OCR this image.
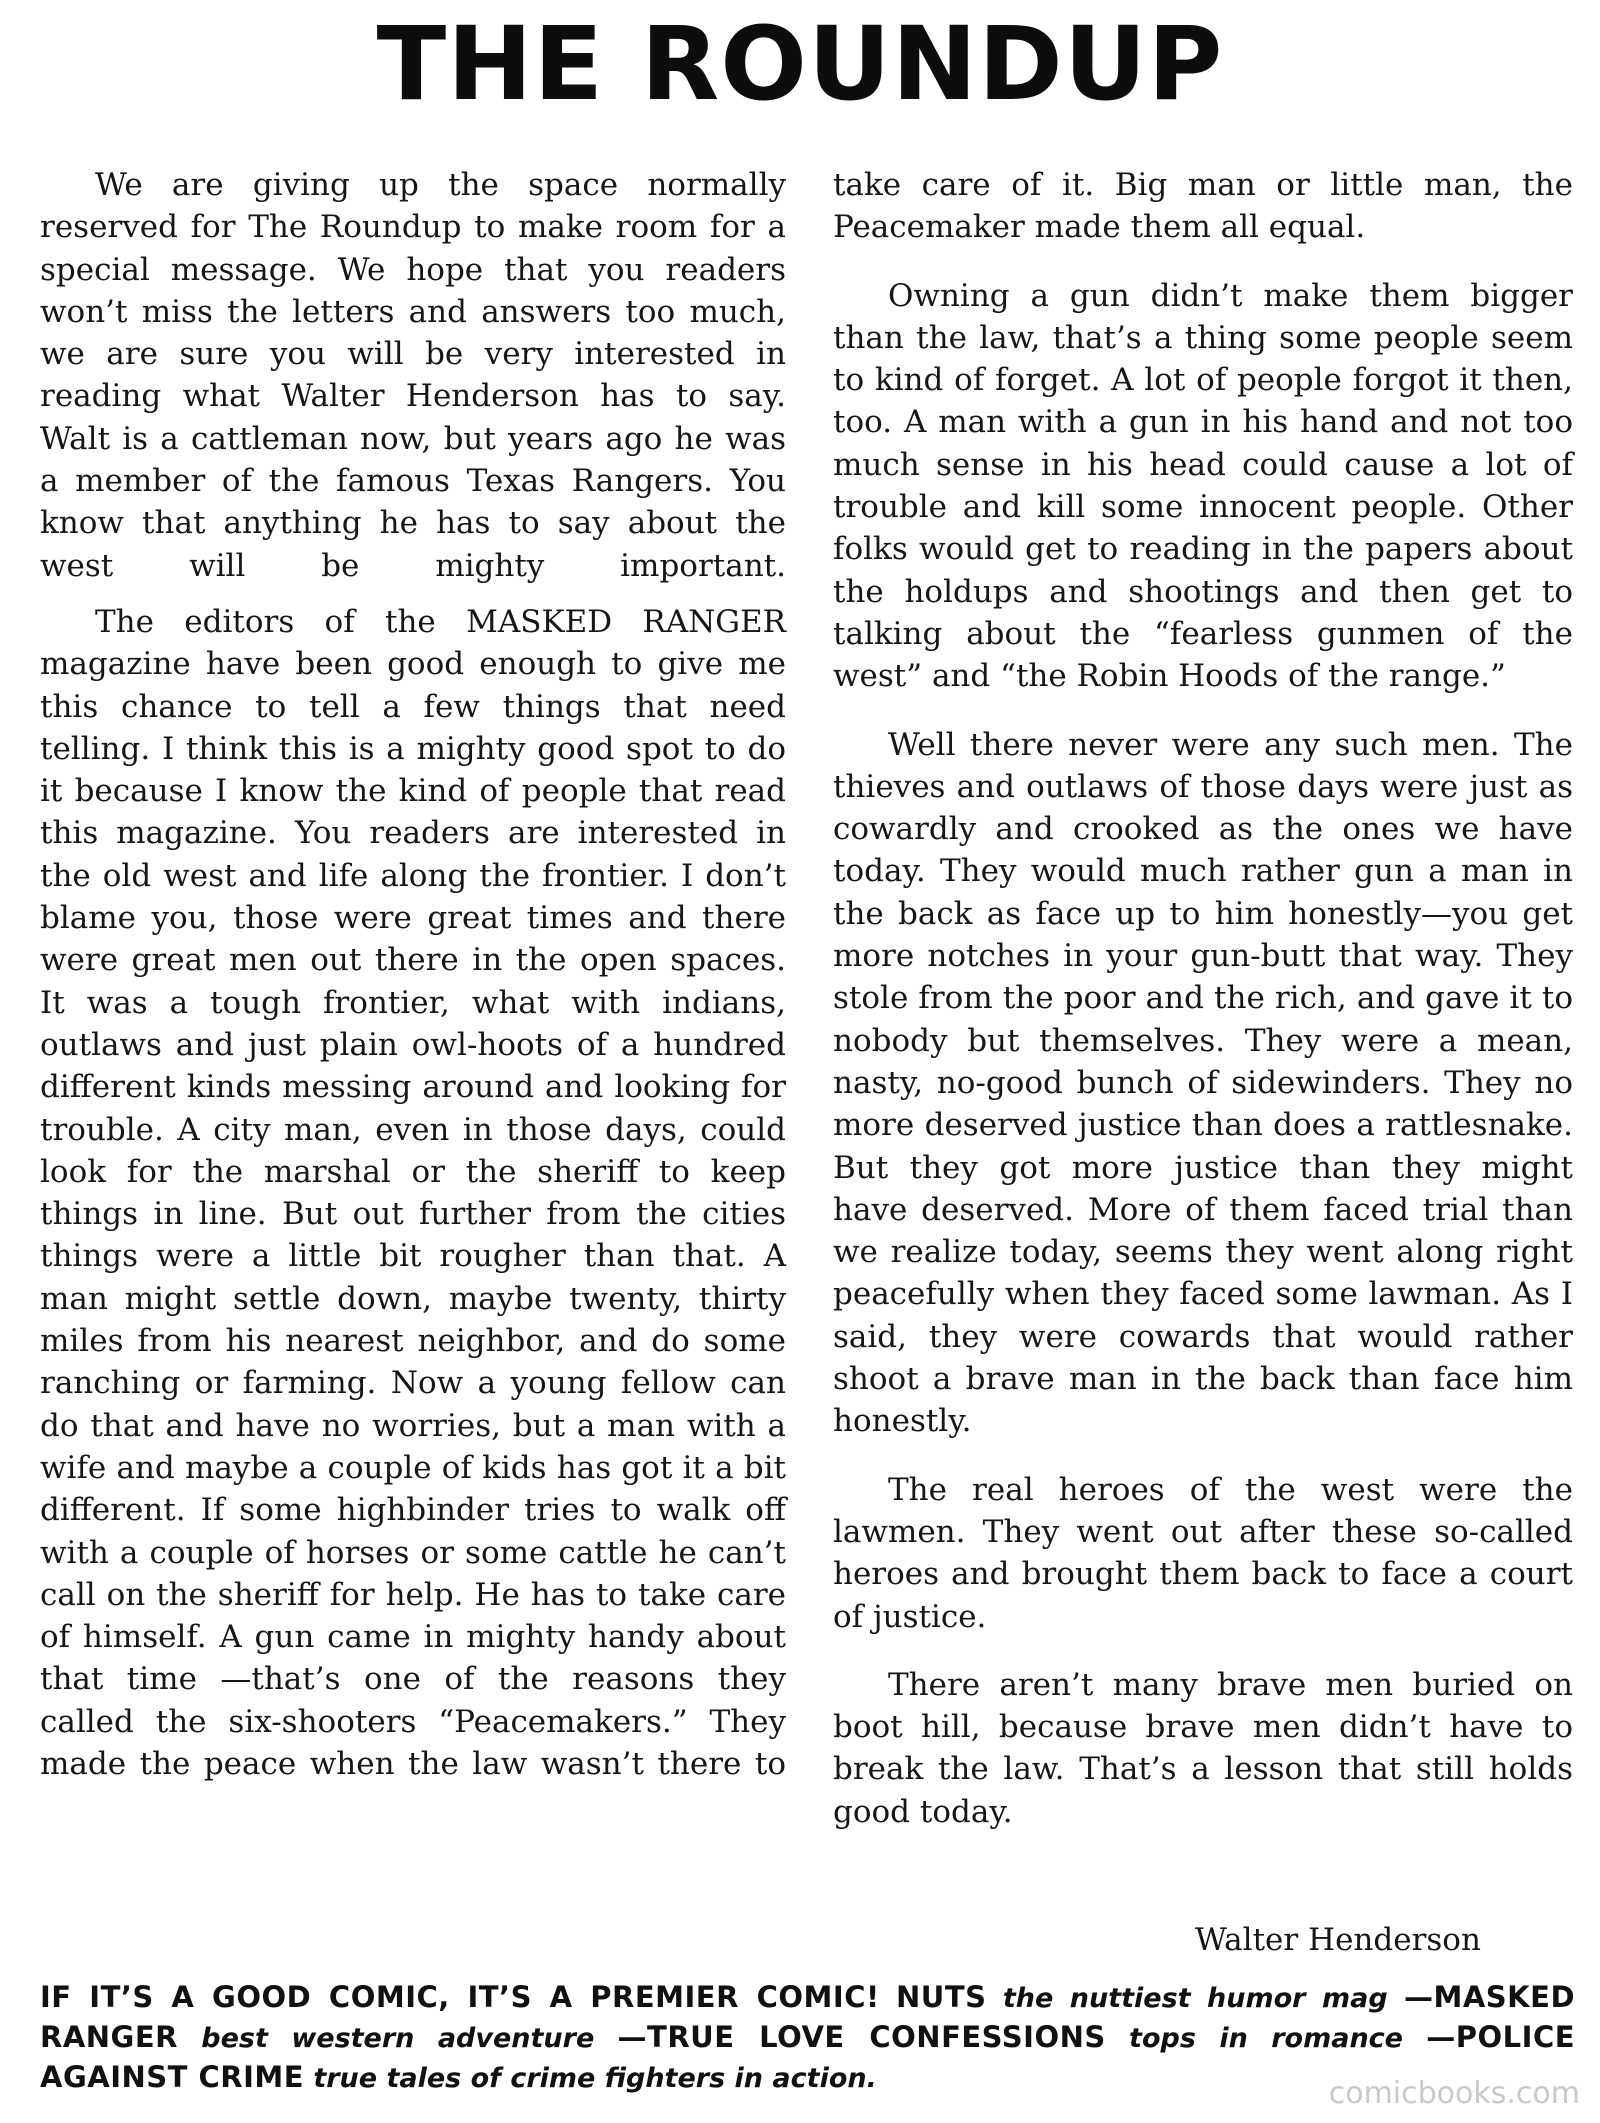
THE ROUNDUP

We are giving up the space normally reserved for The Roundup to make room for a special message. We hope that you readers won’t miss the letters and answers too much, we are sure you will be very interested in reading what Walter Henderson has to say. Walt is a cattleman now, but years ago he was a member of the famous Texas Rangers. You know that anything he has to say about the west will be mighty important.

The editors of the MASKED RANGER magazine have been good enough to give me this chance to tell a few things that need telling. I think this is a mighty good spot to do it because I know the kind of people that read this magazine. You readers are interested in the old west and life along the frontier. I don’t blame you, those were great times and there were great men out there in the open spaces. It was a tough frontier, what with indians, outlaws and just plain owl-hoots of a hundred different kinds messing around and looking for trouble. A city man, even in those days, could look for the marshal or the sheriff to keep things in line. But out further from the cities things were a little bit rougher than that. A man might settle down, maybe twenty, thirty miles from his nearest neighbor, and do some ranching or farming. Now a young fellow can do that and have no worries, but a man with a wife and maybe a couple of kids has got it a bit different. If some highbinder tries to walk off with a couple of horses or some cattle he can’t call on the sheriff for help. He has to take care of himself. A gun came in mighty handy about that time —that’s one of the reasons they called the six-shooters “Peacemakers.” They made the peace when the law wasn’t there to

take care of it. Big man or little man, the Peacemaker made them all equal.

Owning a gun didn’t make them bigger than the law, that’s a thing some people seem to kind of forget. A lot of people forgot it then, too. A man with a gun in his hand and not too much sense in his head could cause a lot of trouble and kill some innocent people. Other folks would get to reading in the papers about the holdups and shootings and then get to talking about the “fearless gunmen of the west” and “the Robin Hoods of the range.”

Well there never were any such men. The thieves and outlaws of those days were just as cowardly and crooked as the ones we have today. They would much rather gun a man in the back as face up to him honestly—you get more notches in your gun-butt that way. They stole from the poor and the rich, and gave it to nobody but themselves. They were a mean, nasty, no-good bunch of sidewinders. They no more deserved justice than does a rattlesnake. But they got more justice than they might have deserved. More of them faced trial than we realize today, seems they went along right peacefully when they faced some lawman. As I said, they were cowards that would rather shoot a brave man in the back than face him honestly.

The real heroes of the west were the lawmen. They went out after these so-called heroes and brought them back to face a court of justice.

There aren’t many brave men buried on boot hill, because brave men didn’t have to break the law. That’s a lesson that still holds good today.

Walter Henderson

IF IT’S A GOOD COMIC, IT’S A PREMIER COMIC! NUTS the nuttiest humor mag —MASKED RANGER best western adventure —TRUE LOVE CONFESSIONS tops in romance —POLICE AGAINST CRIME true tales of crime fighters in action.	comicbooks.com
